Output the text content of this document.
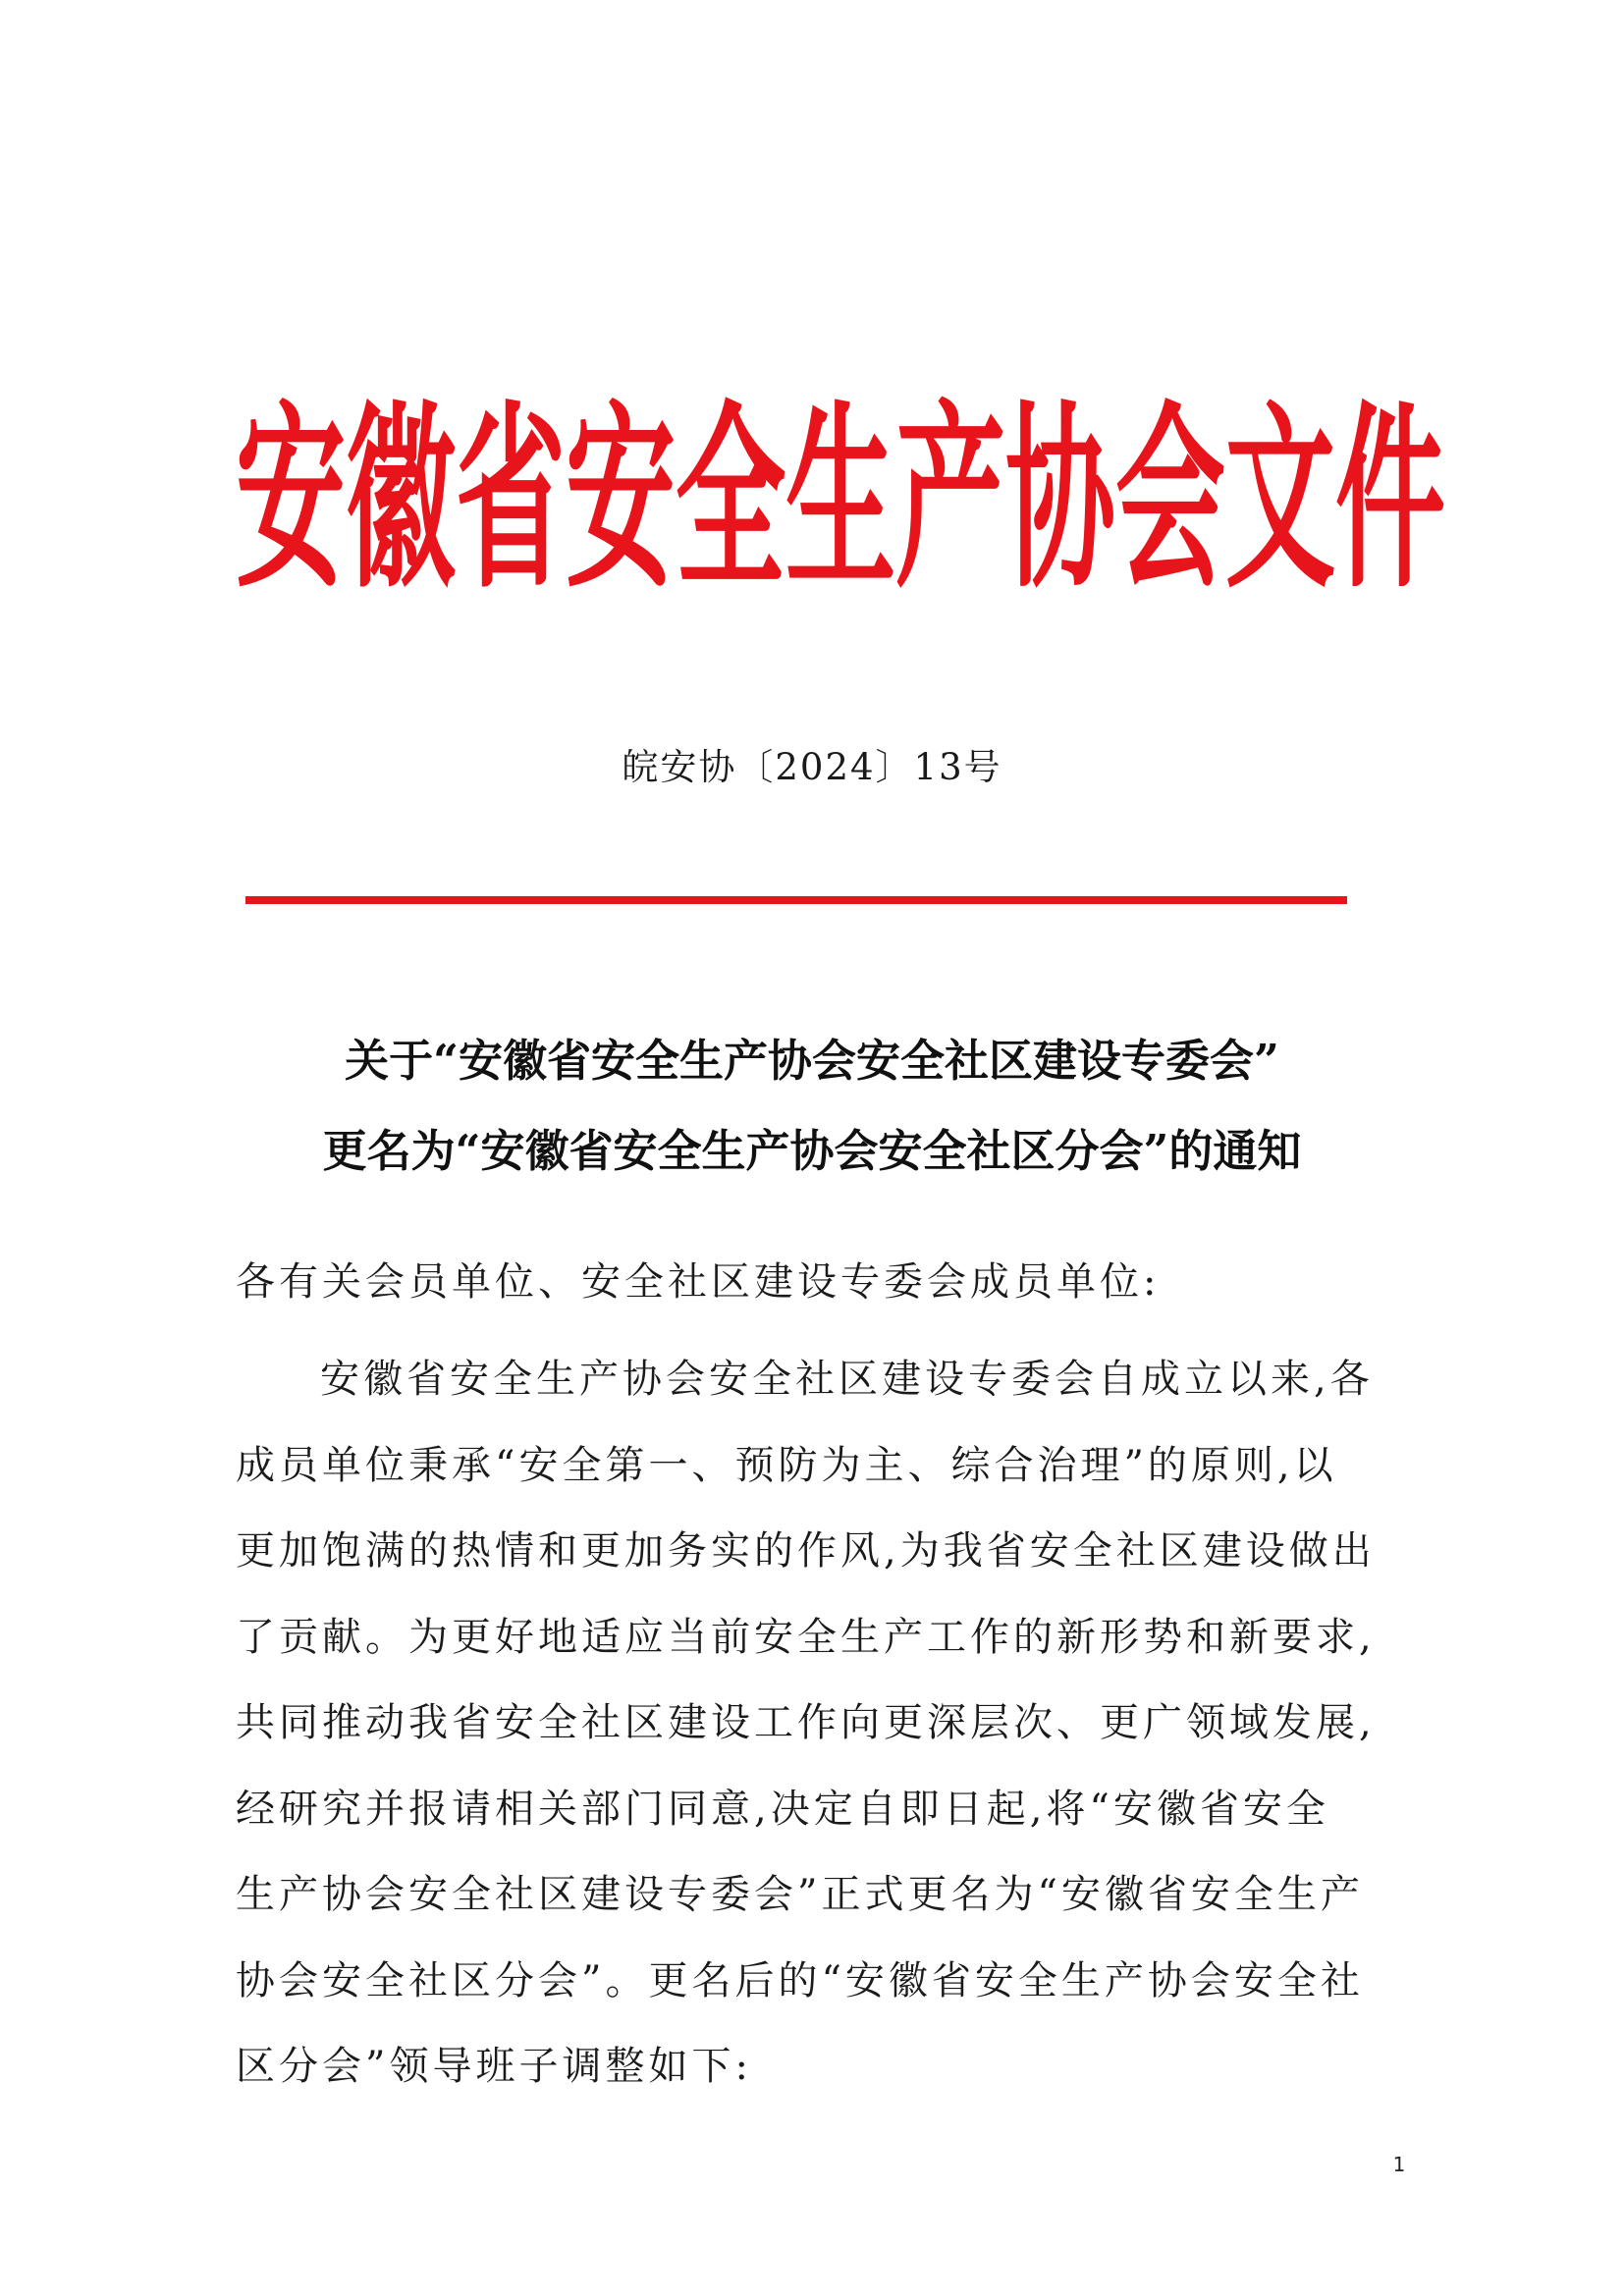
安徽省安全生产协会文件
皖安协〔2024〕13号
关于“安徽省安全生产协会安全社区建设专委会”
更名为“安徽省安全生产协会安全社区分会”的通知

各有关会员单位、安全社区建设专委会成员单位:

安徽省安全生产协会安全社区建设专委会自成立以来,各
成员单位秉承“安全第一、预防为主、综合治理”的原则,以
更加饱满的热情和更加务实的作风,为我省安全社区建设做出
了贡献。为更好地适应当前安全生产工作的新形势和新要求,
共同推动我省安全社区建设工作向更深层次、更广领域发展,
经研究并报请相关部门同意,决定自即日起,将“安徽省安全
生产协会安全社区建设专委会”正式更名为“安徽省安全生产
协会安全社区分会”。更名后的“安徽省安全生产协会安全社
区分会”领导班子调整如下:
1
